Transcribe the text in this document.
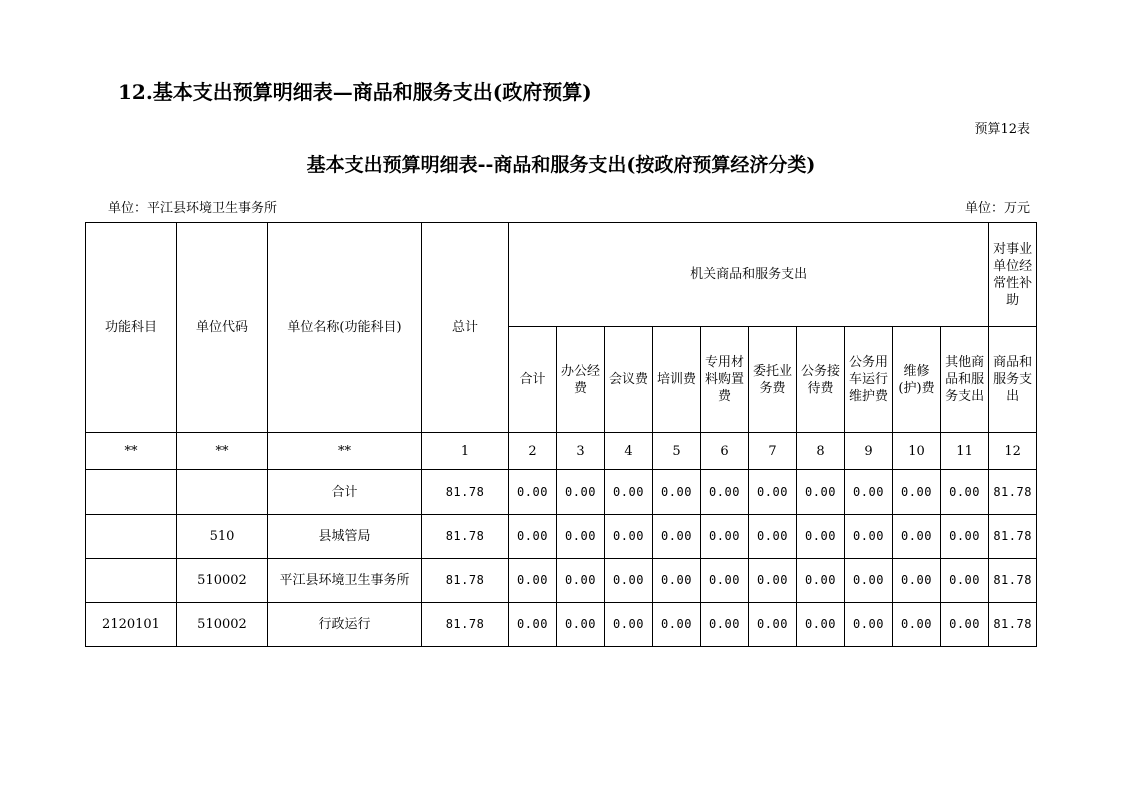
12.基本支出预算明细表—商品和服务支出(政府预算)
预算12表
基本支出预算明细表--商品和服务支出(按政府预算经济分类)
单位：平江县环境卫生事务所	单位：万元
功能科目	单位代码	单位名称(功能科目)	总计	机关商品和服务支出										对事业单位经常性补助
				合计	办公经费	会议费	培训费	专用材料购置费	委托业务费	公务接待费	公务用车运行维护费	维修(护)费	其他商品和服务支出	商品和服务支出
**	**	**	1	2	3	4	5	6	7	8	9	10	11	12
		合计	81.78	0.00	0.00	0.00	0.00	0.00	0.00	0.00	0.00	0.00	0.00	81.78
	510	县城管局	81.78	0.00	0.00	0.00	0.00	0.00	0.00	0.00	0.00	0.00	0.00	81.78
	510002	平江县环境卫生事务所	81.78	0.00	0.00	0.00	0.00	0.00	0.00	0.00	0.00	0.00	0.00	81.78
2120101	510002	行政运行	81.78	0.00	0.00	0.00	0.00	0.00	0.00	0.00	0.00	0.00	0.00	81.78
